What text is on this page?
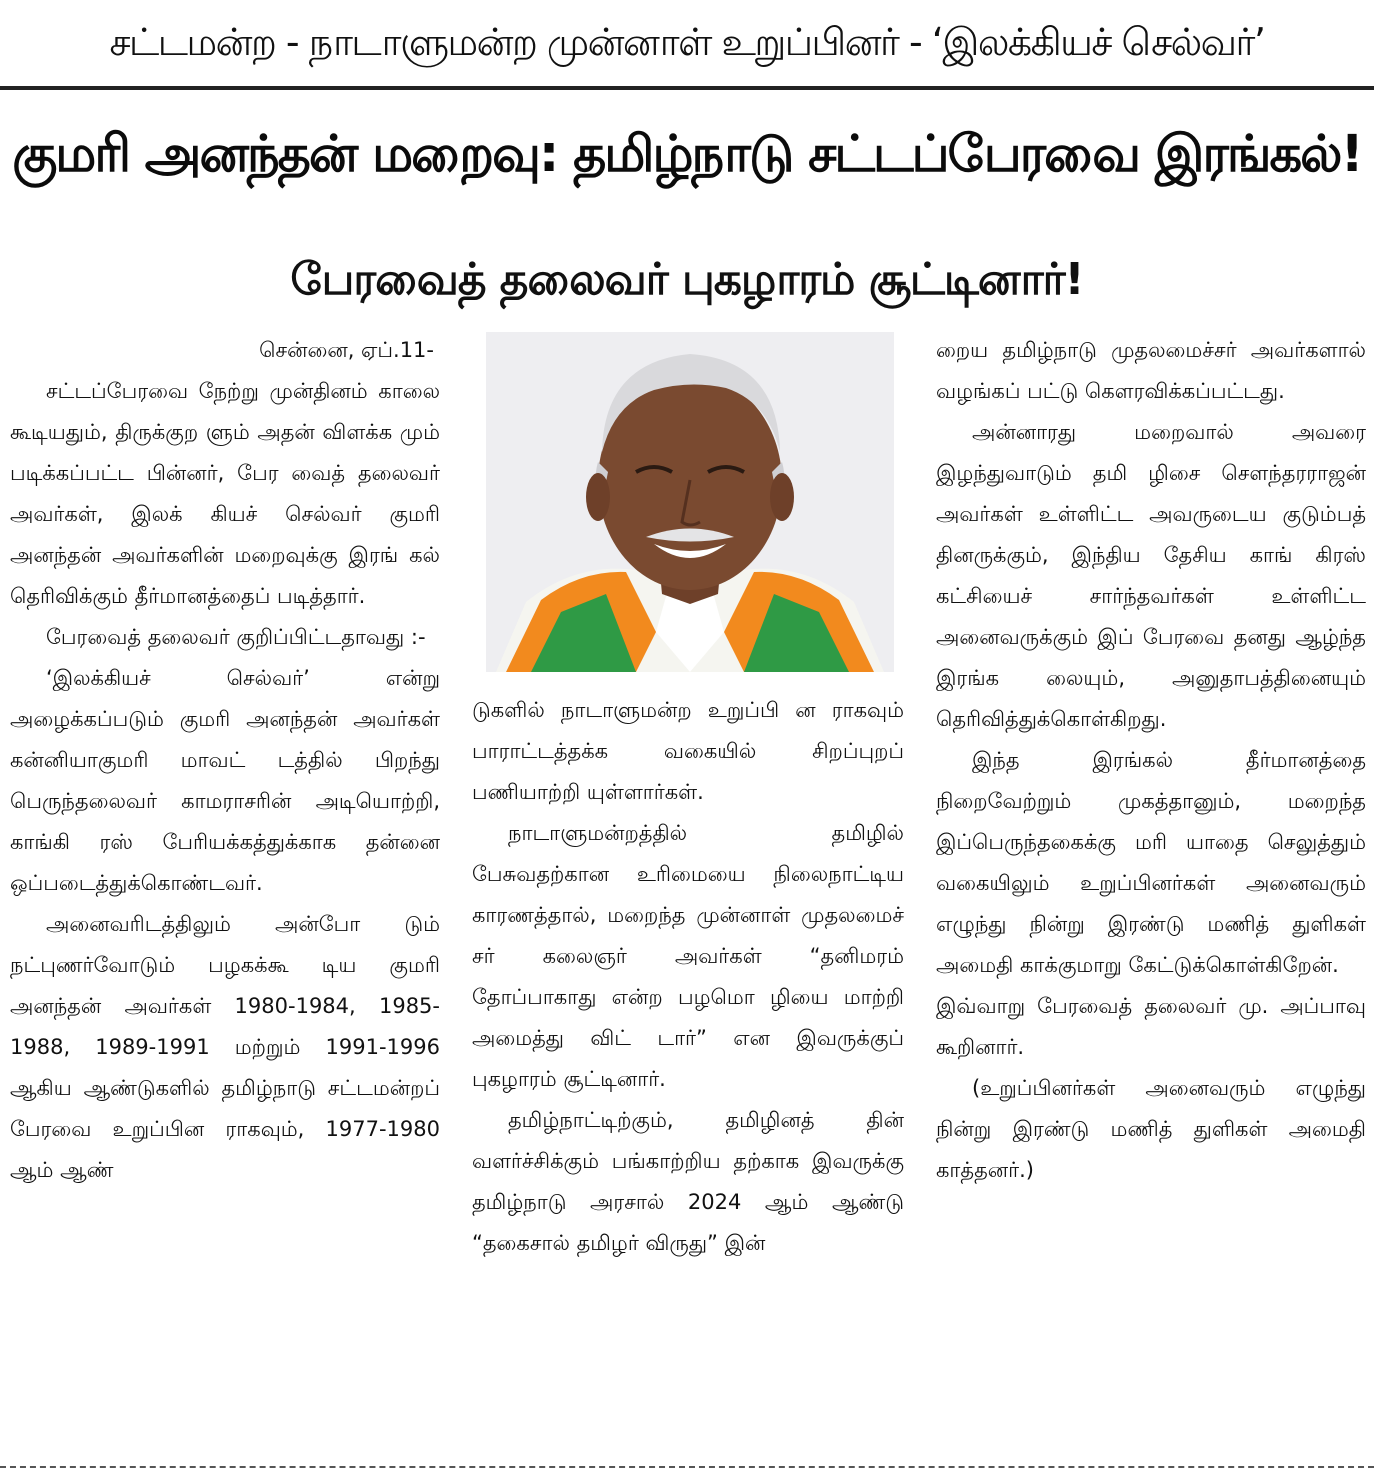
சட்டமன்ற - நாடாளுமன்ற முன்னாள் உறுப்பினர் - ‘இலக்கியச் செல்வர்’
குமரி அனந்தன் மறைவு: தமிழ்நாடு சட்டப்பேரவை இரங்கல்!
பேரவைத் தலைவர் புகழாரம் சூட்டினார்!

சென்னை, ஏப்.11-

சட்டப்பேரவை நேற்று முன்தினம் காலை கூடியதும், திருக்குற ளும் அதன் விளக்க மும் படிக்கப்பட்ட பின்னர், பேர வைத் தலைவர் அவர்கள், இலக் கியச் செல்வர் குமரி அனந்தன் அவர்களின் மறைவுக்கு இரங் கல் தெரிவிக்கும் தீர்மானத்தைப் படித்தார்.

பேரவைத் தலைவர் குறிப்பிட்டதாவது :-

‘இலக்கியச் செல்வர்’ என்று அழைக்கப்படும் குமரி அனந்தன் அவர்கள் கன்னியாகுமரி மாவட் டத்தில் பிறந்து பெருந்தலைவர் காமராசரின் அடியொற்றி, காங்கி ரஸ் பேரியக்கத்துக்காக தன்னை ஒப்படைத்துக்கொண்டவர்.

அனைவரிடத்திலும் அன்போ டும் நட்புணர்வோடும் பழகக்கூ டிய குமரி அனந்தன் அவர்கள் 1980-1984, 1985-1988, 1989-1991 மற்றும் 1991-1996 ஆகிய ஆண்டுகளில் தமிழ்நாடு சட்டமன்றப் பேரவை உறுப்பின ராகவும், 1977-1980 ஆம் ஆண்

டுகளில் நாடாளுமன்ற உறுப்பி ன ராகவும் பாராட்டத்தக்க வகையில் சிறப்புறப் பணியாற்றி யுள்ளார்கள்.

நாடாளுமன்றத்தில் தமிழில் பேசுவதற்கான உரிமையை நிலைநாட்டிய காரணத்தால், மறைந்த முன்னாள் முதலமைச் சர் கலைஞர் அவர்கள் “தனிமரம் தோப்பாகாது என்ற பழமொ ழியை மாற்றி அமைத்து விட் டார்” என இவருக்குப் புகழாரம் சூட்டினார்.

தமிழ்நாட்டிற்கும், தமிழினத் தின் வளர்ச்சிக்கும் பங்காற்றிய தற்காக இவருக்கு தமிழ்நாடு அரசால் 2024 ஆம் ஆண்டு “தகைசால் தமிழர் விருது” இன்

றைய தமிழ்நாடு முதலமைச்சர் அவர்களால் வழங்கப் பட்டு கௌரவிக்கப்பட்டது.

அன்னாரது மறைவால் அவரை இழந்துவாடும் தமி ழிசை சௌந்தரராஜன் அவர்கள் உள்ளிட்ட அவருடைய குடும்பத் தினருக்கும், இந்திய தேசிய காங் கிரஸ் கட்சியைச் சார்ந்தவர்கள் உள்ளிட்ட அனைவருக்கும் இப் பேரவை தனது ஆழ்ந்த இரங்க லையும், அனுதாபத்தினையும் தெரிவித்துக்கொள்கிறது.

இந்த இரங்கல் தீர்மானத்தை நிறைவேற்றும் முகத்தானும், மறைந்த இப்பெருந்தகைக்கு மரி யாதை செலுத்தும் வகையிலும் உறுப்பினர்கள் அனைவரும் எழுந்து நின்று இரண்டு மணித் துளிகள் அமைதி காக்குமாறு கேட்டுக்கொள்கிறேன்.

இவ்வாறு பேரவைத் தலைவர் மு. அப்பாவு கூறினார்.

(உறுப்பினர்கள் அனைவரும் எழுந்து நின்று இரண்டு மணித் துளிகள் அமைதி காத்தனர்.)
